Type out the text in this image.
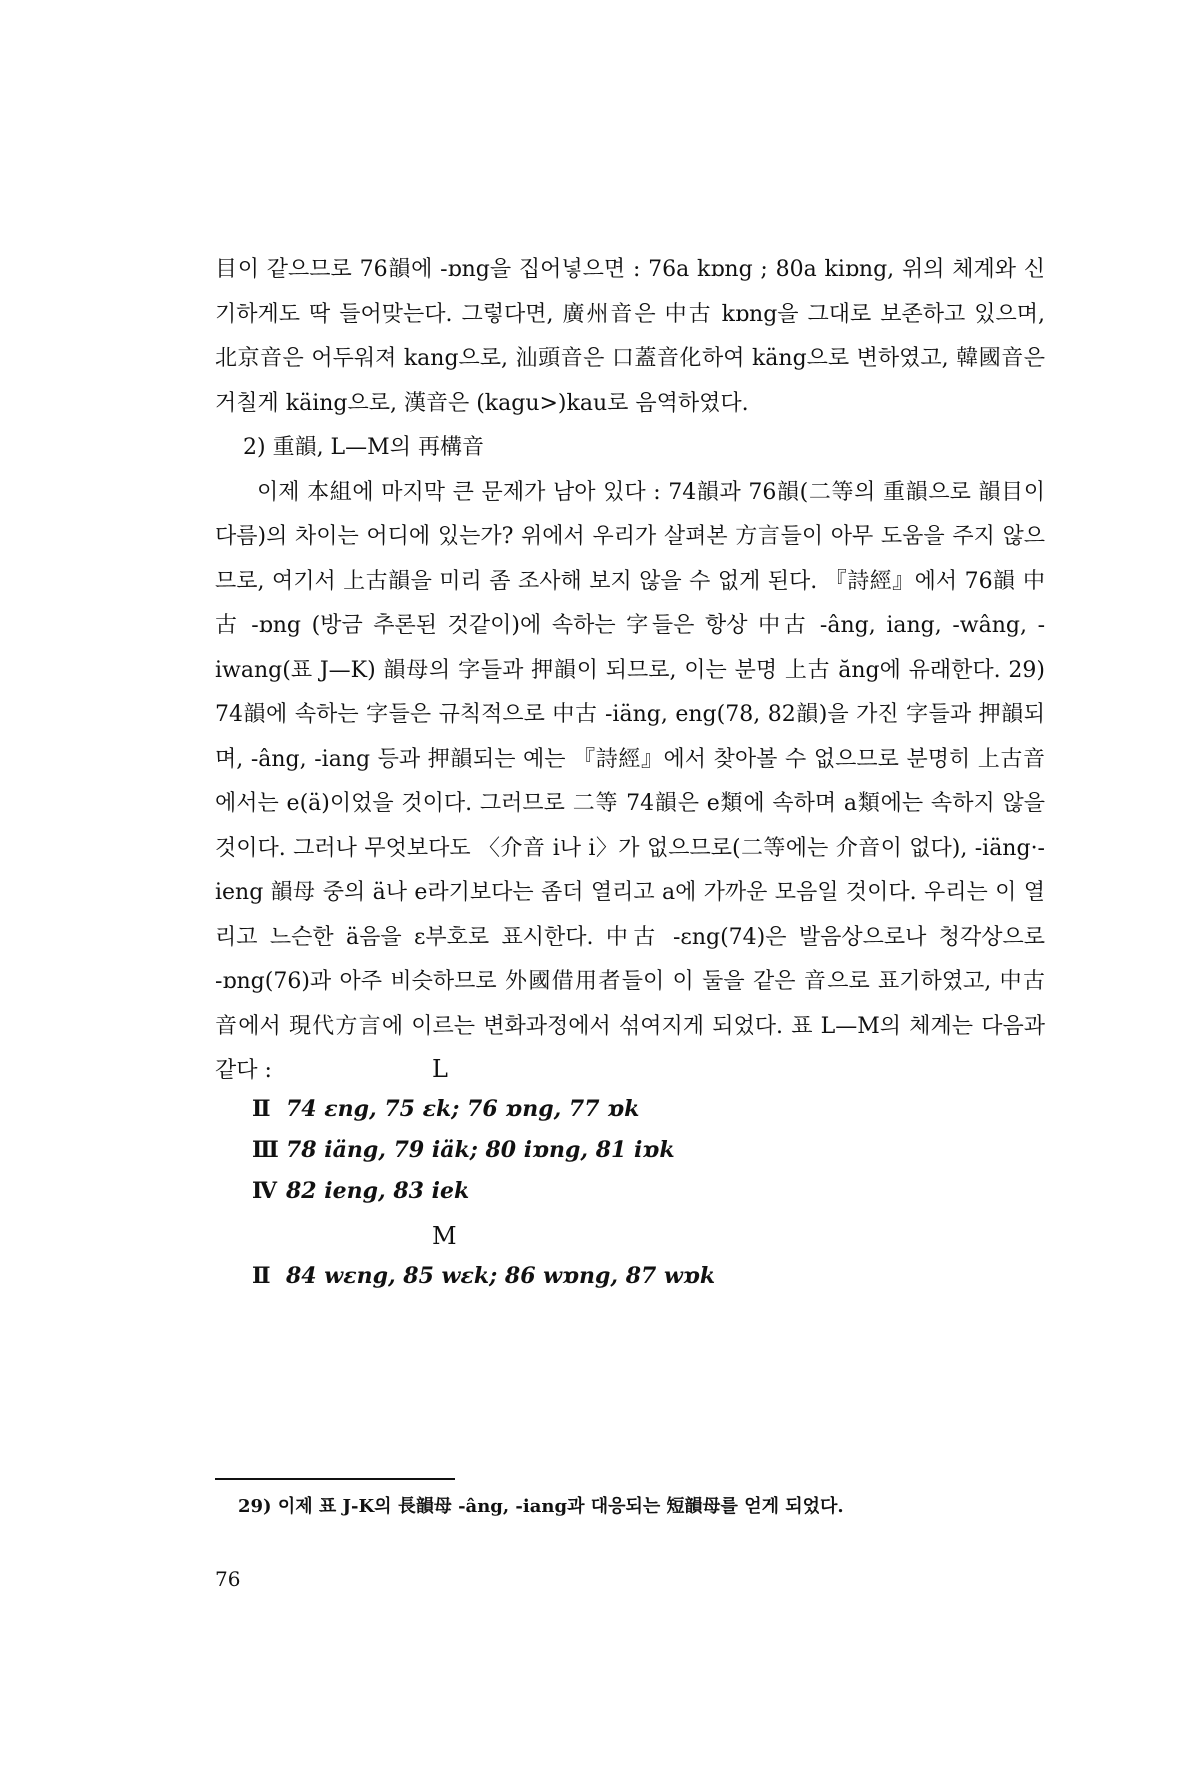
目이 같으므로 76韻에 -ɒng을 집어넣으면 : 76a kɒng ; 80a kiɒng, 위의 체계와 신기하게도 딱 들어맞는다. 그렇다면, 廣州音은 中古 kɒng을 그대로 보존하고 있으며, 北京音은 어두워져 kang으로, 汕頭音은 口蓋音化하여 käng으로 변하였고, 韓國音은 거칠게 käing으로, 漢音은 (kagu>)kau로 음역하였다.

2) 重韻, L—M의 再構音

이제 本組에 마지막 큰 문제가 남아 있다 : 74韻과 76韻(二等의 重韻으로 韻目이 다름)의 차이는 어디에 있는가? 위에서 우리가 살펴본 方言들이 아무 도움을 주지 않으므로, 여기서 上古韻을 미리 좀 조사해 보지 않을 수 없게 된다. 『詩經』에서 76韻 中古 -ɒng (방금 추론된 것같이)에 속하는 字들은 항상 中古 -âng, iang, -wâng, -iwang(표 J—K) 韻母의 字들과 押韻이 되므로, 이는 분명 上古 ăng에 유래한다. 29) 74韻에 속하는 字들은 규칙적으로 中古 -iäng, eng(78, 82韻)을 가진 字들과 押韻되며, -âng, -iang 등과 押韻되는 예는 『詩經』에서 찾아볼 수 없으므로 분명히 上古音에서는 e(ä)이었을 것이다. 그러므로 二等 74韻은 e類에 속하며 a類에는 속하지 않을 것이다. 그러나 무엇보다도 〈介音 i나 i〉가 없으므로(二等에는 介音이 없다), -iäng·-ieng 韻母 중의 ä나 e라기보다는 좀더 열리고 a에 가까운 모음일 것이다. 우리는 이 열리고 느슨한 ä음을 ɛ부호로 표시한다. 中古 -ɛng(74)은 발음상으로나 청각상으로 -ɒng(76)과 아주 비슷하므로 外國借用者들이 이 둘을 같은 音으로 표기하였고, 中古音에서 現代方言에 이르는 변화과정에서 섞여지게 되었다. 표 L—M의 체계는 다음과 같다 :	L
Ⅱ 74 ɛng, 75 ɛk; 76 ɒng, 77 ɒk
Ⅲ 78 iäng, 79 iäk; 80 iɒng, 81 iɒk
Ⅳ 82 ieng, 83 iek
M
Ⅱ 84 wɛng, 85 wɛk; 86 wɒng, 87 wɒk
29) 이제 표 J-K의 長韻母 -âng, -iang과 대응되는 短韻母를 얻게 되었다.
76
